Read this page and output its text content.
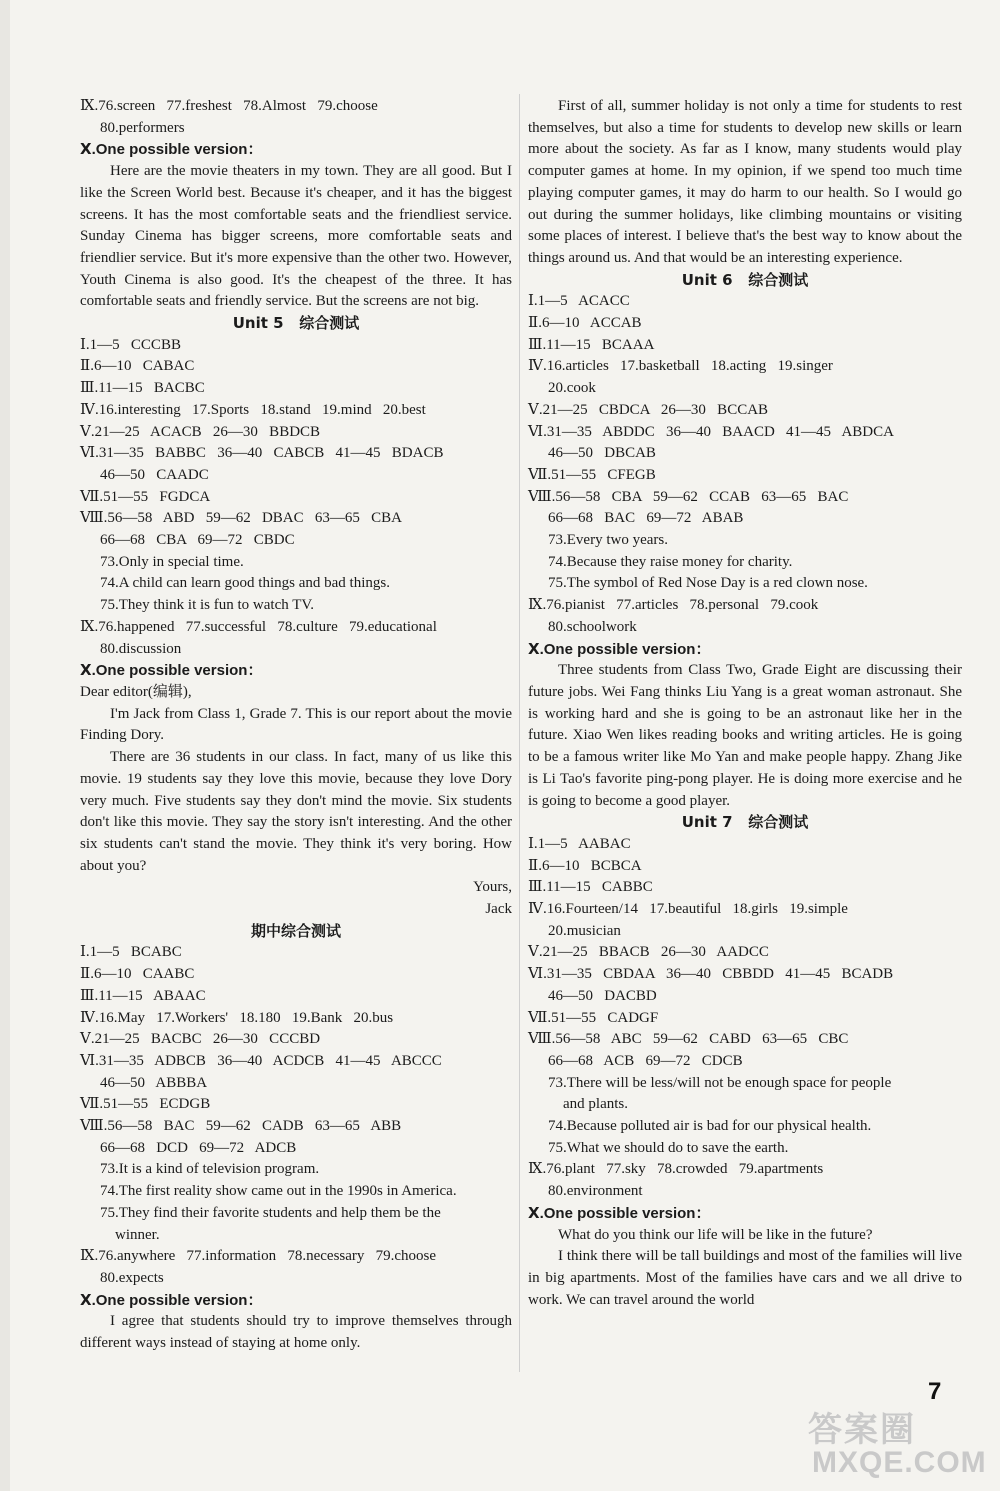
Ⅸ.76.screen   77.freshest   78.Almost   79.choose
80.performers
Ⅹ.One possible version：
Here are the movie theaters in my town. They are all good. But I like the Screen World best. Because it's cheaper, and it has the biggest screens. It has the most comfortable seats and the friendliest service. Sunday Cinema has bigger screens, more comfortable seats and friendlier service. But it's more expensive than the other two. However, Youth Cinema is also good. It's the cheapest of the three. It has comfortable seats and friendly service. But the screens are not big.
Unit 5   综合测试
Ⅰ.1—5   CCCBB
Ⅱ.6—10   CABAC
Ⅲ.11—15   BACBC
Ⅳ.16.interesting   17.Sports   18.stand   19.mind   20.best
Ⅴ.21—25   ACACB   26—30   BBDCB
Ⅵ.31—35   BABBC   36—40   CABCB   41—45   BDACB
46—50   CAADC
Ⅶ.51—55   FGDCA
Ⅷ.56—58   ABD   59—62   DBAC   63—65   CBA
66—68   CBA   69—72   CBDC
73.Only in special time.
74.A child can learn good things and bad things.
75.They think it is fun to watch TV.
Ⅸ.76.happened   77.successful   78.culture   79.educational
80.discussion
Ⅹ.One possible version：
Dear editor(编辑),
I'm Jack from Class 1, Grade 7. This is our report about the movie Finding Dory.
There are 36 students in our class. In fact, many of us like this movie. 19 students say they love this movie, because they love Dory very much. Five students say they don't mind the movie. Six students don't like this movie. They say the story isn't interesting. And the other six students can't stand the movie. They think it's very boring. How about you?
Yours,
Jack
期中综合测试
Ⅰ.1—5   BCABC
Ⅱ.6—10   CAABC
Ⅲ.11—15   ABAAC
Ⅳ.16.May   17.Workers'   18.180   19.Bank   20.bus
Ⅴ.21—25   BACBC   26—30   CCCBD
Ⅵ.31—35   ADBCB   36—40   ACDCB   41—45   ABCCC
46—50   ABBBA
Ⅶ.51—55   ECDGB
Ⅷ.56—58   BAC   59—62   CADB   63—65   ABB
66—68   DCD   69—72   ADCB
73.It is a kind of television program.
74.The first reality show came out in the 1990s in America.
75.They find their favorite students and help them be the
winner.
Ⅸ.76.anywhere   77.information   78.necessary   79.choose
80.expects
Ⅹ.One possible version：
I agree that students should try to improve themselves through different ways instead of staying at home only.
First of all, summer holiday is not only a time for students to rest themselves, but also a time for students to develop new skills or learn more about the society. As far as I know, many students would play computer games at home. In my opinion, if we spend too much time playing computer games, it may do harm to our health. So I would go out during the summer holidays, like climbing mountains or visiting some places of interest. I believe that's the best way to know about the things around us. And that would be an interesting experience.
Unit 6   综合测试
Ⅰ.1—5   ACACC
Ⅱ.6—10   ACCAB
Ⅲ.11—15   BCAAA
Ⅳ.16.articles   17.basketball   18.acting   19.singer
20.cook
Ⅴ.21—25   CBDCA   26—30   BCCAB
Ⅵ.31—35   ABDDC   36—40   BAACD   41—45   ABDCA
46—50   DBCAB
Ⅶ.51—55   CFEGB
Ⅷ.56—58   CBA   59—62   CCAB   63—65   BAC
66—68   BAC   69—72   ABAB
73.Every two years.
74.Because they raise money for charity.
75.The symbol of Red Nose Day is a red clown nose.
Ⅸ.76.pianist   77.articles   78.personal   79.cook
80.schoolwork
Ⅹ.One possible version：
Three students from Class Two, Grade Eight are discussing their future jobs. Wei Fang thinks Liu Yang is a great woman astronaut. She is working hard and she is going to be an astronaut like her in the future. Xiao Wen likes reading books and writing articles. He is going to be a famous writer like Mo Yan and make people happy. Zhang Jike is Li Tao's favorite ping-pong player. He is doing more exercise and he is going to become a good player.
Unit 7   综合测试
Ⅰ.1—5   AABAC
Ⅱ.6—10   BCBCA
Ⅲ.11—15   CABBC
Ⅳ.16.Fourteen/14   17.beautiful   18.girls   19.simple
20.musician
Ⅴ.21—25   BBACB   26—30   AADCC
Ⅵ.31—35   CBDAA   36—40   CBBDD   41—45   BCADB
46—50   DACBD
Ⅶ.51—55   CADGF
Ⅷ.56—58   ABC   59—62   CABD   63—65   CBC
66—68   ACB   69—72   CDCB
73.There will be less/will not be enough space for people
and plants.
74.Because polluted air is bad for our physical health.
75.What we should do to save the earth.
Ⅸ.76.plant   77.sky   78.crowded   79.apartments
80.environment
Ⅹ.One possible version：
What do you think our life will be like in the future?
I think there will be tall buildings and most of the families will live in big apartments. Most of the families have cars and we all drive to work. We can travel around the world
7
答案圈
MXQE.COM
